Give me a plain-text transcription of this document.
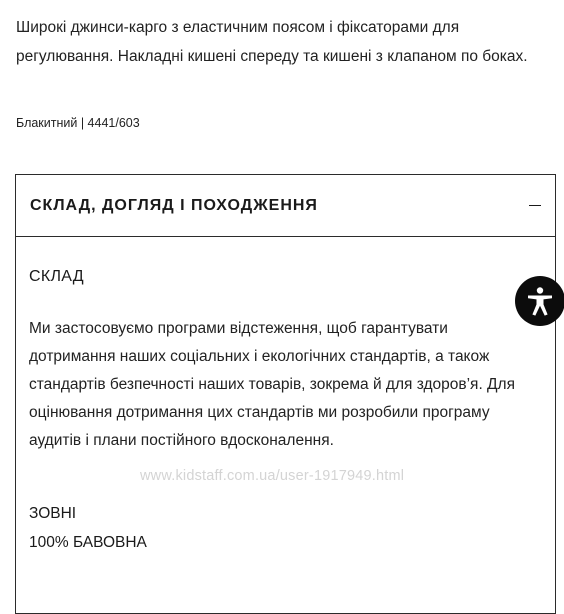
Широкі джинси-карго з еластичним поясом і фіксаторами для регулювання. Накладні кишені спереду та кишені з клапаном по боках.

Блакитний | 4441/603

СКЛАД, ДОГЛЯД І ПОХОДЖЕННЯ

СКЛАД

Ми застосовуємо програми відстеження, щоб гарантувати дотримання наших соціальних і екологічних стандартів, а також стандартів безпечності наших товарів, зокрема й для здоров’я. Для оцінювання дотримання цих стандартів ми розробили програму аудитів і плани постійного вдосконалення.

ЗОВНІ

100% БАВОВНА

www.kidstaff.com.ua/user-1917949.html
